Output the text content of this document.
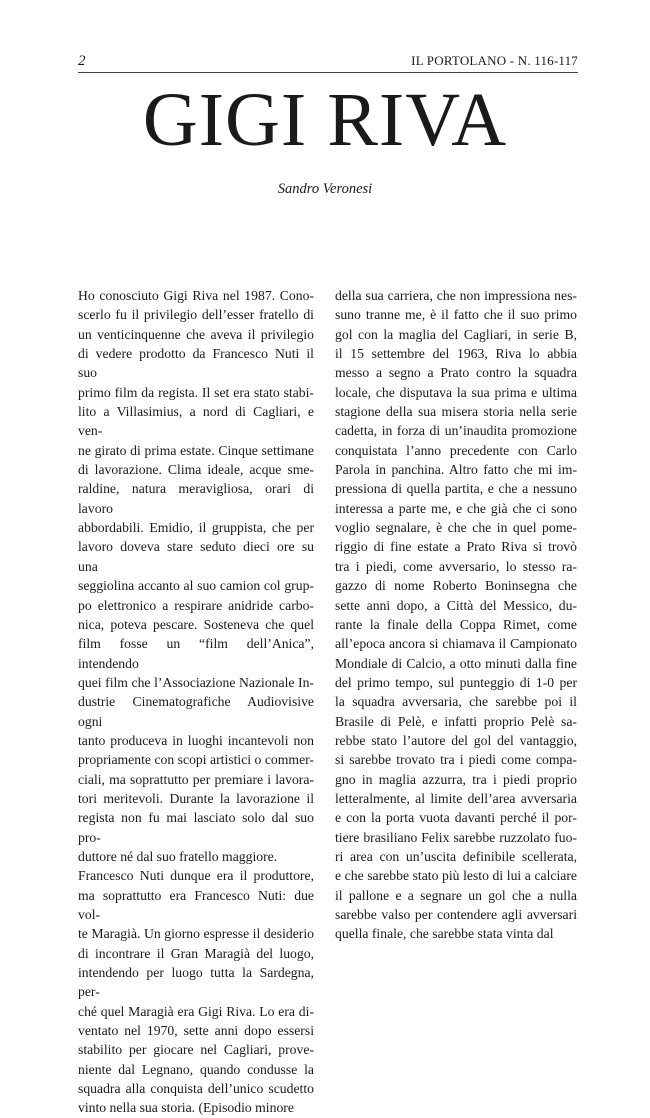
2	IL PORTOLANO - N. 116-117
GIGI RIVA
Sandro Veronesi
Ho conosciuto Gigi Riva nel 1987. Cono-
scerlo fu il privilegio dell’esser fratello di
un venticinquenne che aveva il privilegio
di vedere prodotto da Francesco Nuti il suo
primo film da regista. Il set era stato stabi-
lito a Villasimius, a nord di Cagliari, e ven-
ne girato di prima estate. Cinque settimane
di lavorazione. Clima ideale, acque sme-
raldine, natura meravigliosa, orari di lavoro
abbordabili. Emidio, il gruppista, che per
lavoro doveva stare seduto dieci ore su una
seggiolina accanto al suo camion col grup-
po elettronico a respirare anidride carbo-
nica, poteva pescare. Sosteneva che quel
film fosse un “film dell’Anica”, intendendo
quei film che l’Associazione Nazionale In-
dustrie Cinematografiche Audiovisive ogni
tanto produceva in luoghi incantevoli non
propriamente con scopi artistici o commer-
ciali, ma soprattutto per premiare i lavora-
tori meritevoli. Durante la lavorazione il
regista non fu mai lasciato solo dal suo pro-
duttore né dal suo fratello maggiore.
Francesco Nuti dunque era il produttore,
ma soprattutto era Francesco Nuti: due vol-
te Maragià. Un giorno espresse il desiderio
di incontrare il Gran Maragià del luogo,
intendendo per luogo tutta la Sardegna, per-
ché quel Maragià era Gigi Riva. Lo era di-
ventato nel 1970, sette anni dopo essersi
stabilito per giocare nel Cagliari, prove-
niente dal Legnano, quando condusse la
squadra alla conquista dell’unico scudetto
vinto nella sua storia. (Episodio minore
della sua carriera, che non impressiona nes-
suno tranne me, è il fatto che il suo primo
gol con la maglia del Cagliari, in serie B,
il 15 settembre del 1963, Riva lo abbia
messo a segno a Prato contro la squadra
locale, che disputava la sua prima e ultima
stagione della sua misera storia nella serie
cadetta, in forza di un’inaudita promozione
conquistata l’anno precedente con Carlo
Parola in panchina. Altro fatto che mi im-
pressiona di quella partita, e che a nessuno
interessa a parte me, e che già che ci sono
voglio segnalare, è che che in quel pome-
riggio di fine estate a Prato Riva si trovò
tra i piedi, come avversario, lo stesso ra-
gazzo di nome Roberto Boninsegna che
sette anni dopo, a Città del Messico, du-
rante la finale della Coppa Rimet, come
all’epoca ancora si chiamava il Campionato
Mondiale di Calcio, a otto minuti dalla fine
del primo tempo, sul punteggio di 1-0 per
la squadra avversaria, che sarebbe poi il
Brasile di Pelè, e infatti proprio Pelè sa-
rebbe stato l’autore del gol del vantaggio,
si sarebbe trovato tra i piedi come compa-
gno in maglia azzurra, tra i piedi proprio
letteralmente, al limite dell’area avversaria
e con la porta vuota davanti perché il por-
tiere brasiliano Felix sarebbe ruzzolato fuo-
ri area con un’uscita definibile scellerata,
e che sarebbe stato più lesto di lui a calciare
il pallone e a segnare un gol che a nulla
sarebbe valso per contendere agli avversari
quella finale, che sarebbe stata vinta dal
